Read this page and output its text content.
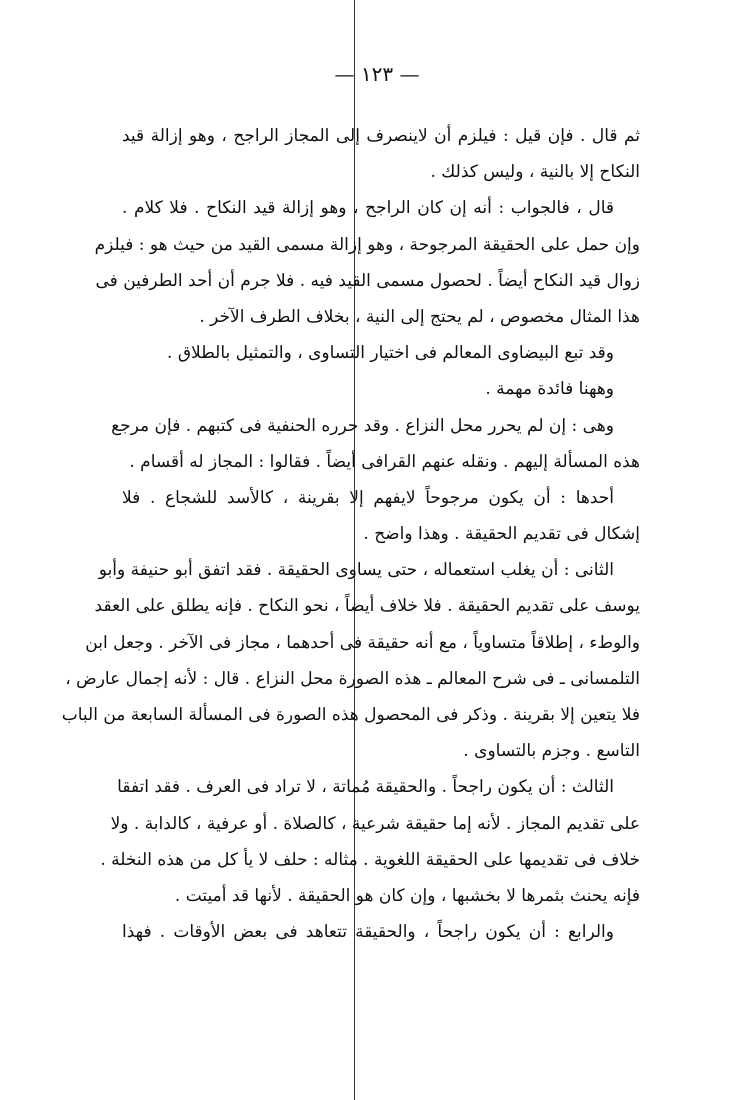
— ١٢٣ —
ثم قال . فإن قيل : فيلزم أن لاينصرف إلى المجاز الراجح ، وهو إزالة قيد
النكاح إلا بالنية ، وليس كذلك .
قال ، فالجواب : أنه إن كان الراجح ، وهو إزالة قيد النكاح . فلا كلام .
وإن حمل على الحقيقة المرجوحة ، وهو إزالة مسمى القيد من حيث هو : فيلزم
زوال قيد النكاح أيضاً . لحصول مسمى القيد فيه . فلا جرم أن أحد الطرفين فى
هذا المثال مخصوص ، لم يحتج إلى النية ، بخلاف الطرف الآخر .
وقد تبع البيضاوى المعالم فى اختيار التساوى ، والتمثيل بالطلاق .
وههنا فائدة مهمة .
وهى : إن لم يحرر محل النزاع . وقد حرره الحنفية فى كتبهم . فإن مرجع
هذه المسألة إليهم . ونقله عنهم القرافى أيضاً . فقالوا : المجاز له أقسام .
أحدها : أن يكون مرجوحاً لايفهم إلا بقرينة ، كالأسد للشجاع . فلا
إشكال فى تقديم الحقيقة . وهذا واضح .
الثانى : أن يغلب استعماله ، حتى يساوى الحقيقة . فقد اتفق أبو حنيفة وأبو
يوسف على تقديم الحقيقة . فلا خلاف أيضاً ، نحو النكاح . فإنه يطلق على العقد
والوطء ، إطلاقاً متساوياً ، مع أنه حقيقة فى أحدهما ، مجاز فى الآخر . وجعل ابن
التلمسانى ـ فى شرح المعالم ـ هذه الصورة محل النزاع . قال : لأنه إجمال عارض ،
فلا يتعين إلا بقرينة . وذكر فى المحصول هذه الصورة فى المسألة السابعة من الباب
التاسع . وجزم بالتساوى .
الثالث : أن يكون راجحاً . والحقيقة مُماتة ، لا تراد فى العرف . فقد اتفقا
على تقديم المجاز . لأنه إما حقيقة شرعية ، كالصلاة . أو عرفية ، كالدابة . ولا
خلاف فى تقديمها على الحقيقة اللغوية . مثاله : حلف لا يأ كل من هذه النخلة .
فإنه يحنث بثمرها لا بخشبها ، وإن كان هو الحقيقة . لأنها قد أميتت .
والرابع : أن يكون راجحاً ، والحقيقة تتعاهد فى بعض الأوقات . فهذا
